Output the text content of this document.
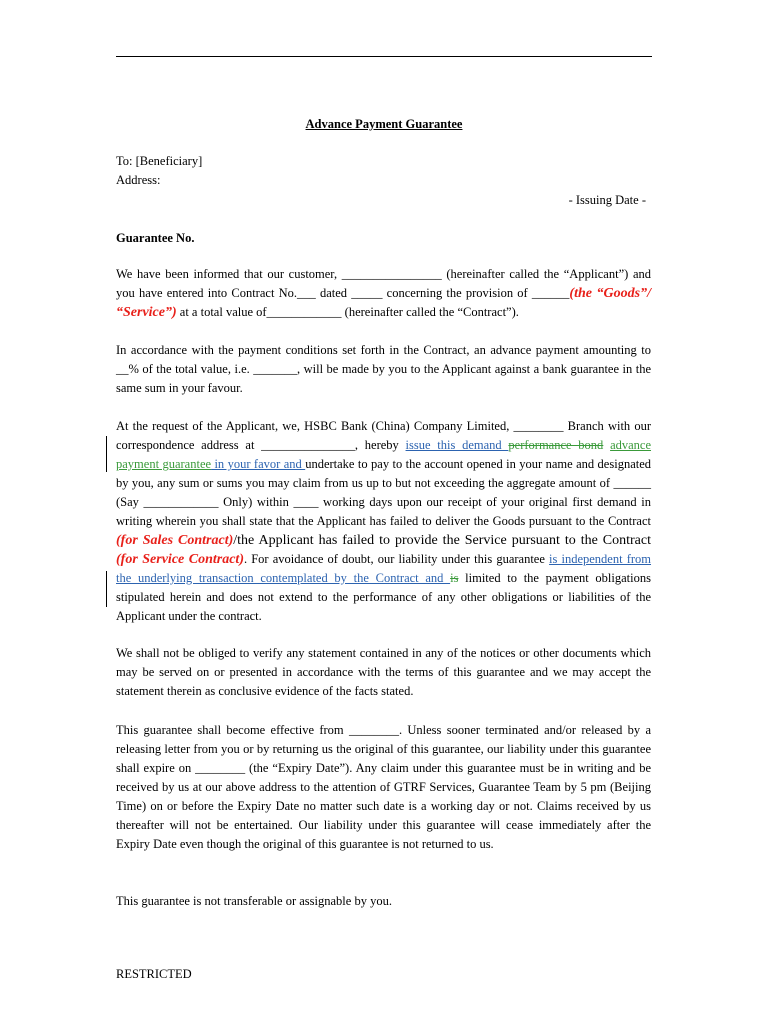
Advance Payment Guarantee
To: [Beneficiary]
Address:
- Issuing Date -
Guarantee No.
We have been informed that our customer, ________________ (hereinafter called the “Applicant”) and you have entered into Contract No.___ dated _____ concerning the provision of ______(the “Goods”/ “Service”) at a total value of____________ (hereinafter called the “Contract”).
In accordance with the payment conditions set forth in the Contract, an advance payment amounting to __% of the total value, i.e. _______, will be made by you to the Applicant against a bank guarantee in the same sum in your favour.
At the request of the Applicant, we, HSBC Bank (China) Company Limited, ________ Branch with our correspondence address at _______________, hereby issue this demand performance bond advance payment guarantee in your favor and undertake to pay to the account opened in your name and designated by you, any sum or sums you may claim from us up to but not exceeding the aggregate amount of ______ (Say ____________ Only) within ____ working days upon our receipt of your original first demand in writing wherein you shall state that the Applicant has failed to deliver the Goods pursuant to the Contract (for Sales Contract)/the Applicant has failed to provide the Service pursuant to the Contract (for Service Contract). For avoidance of doubt, our liability under this guarantee is independent from the underlying transaction contemplated by the Contract and is limited to the payment obligations stipulated herein and does not extend to the performance of any other obligations or liabilities of the Applicant under the contract.
We shall not be obliged to verify any statement contained in any of the notices or other documents which may be served on or presented in accordance with the terms of this guarantee and we may accept the statement therein as conclusive evidence of the facts stated.
This guarantee shall become effective from ________. Unless sooner terminated and/or released by a releasing letter from you or by returning us the original of this guarantee, our liability under this guarantee shall expire on ________ (the “Expiry Date”). Any claim under this guarantee must be in writing and be received by us at our above address to the attention of GTRF Services, Guarantee Team by 5 pm (Beijing Time) on or before the Expiry Date no matter such date is a working day or not. Claims received by us thereafter will not be entertained. Our liability under this guarantee will cease immediately after the Expiry Date even though the original of this guarantee is not returned to us.
This guarantee is not transferable or assignable by you.
RESTRICTED
